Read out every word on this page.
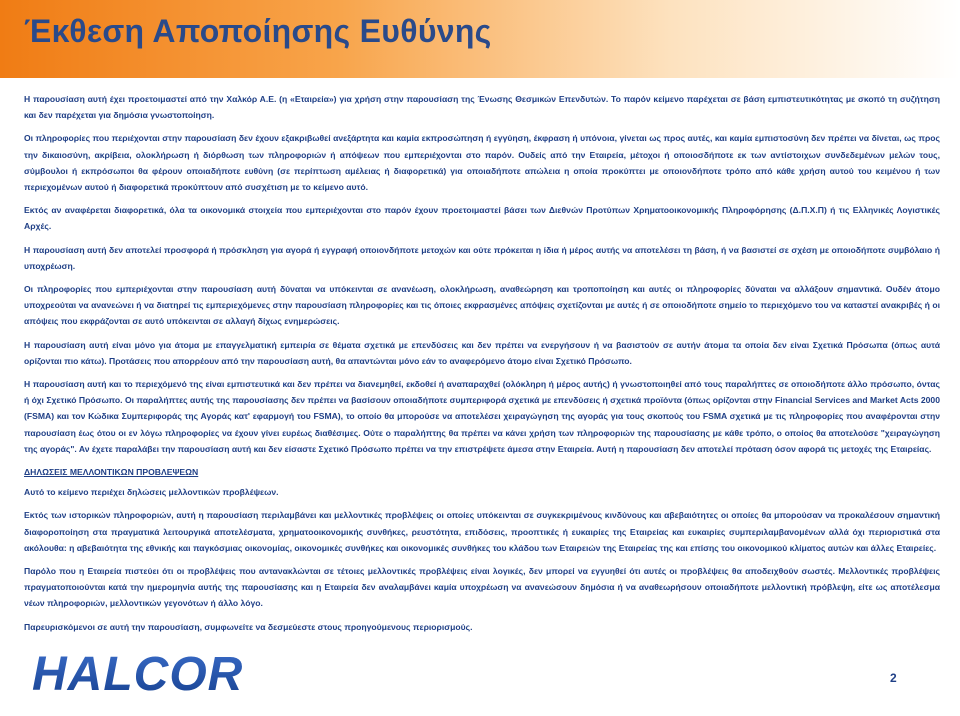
Έκθεση Αποποίησης Ευθύνης

Η παρουσίαση αυτή έχει προετοιμαστεί από την Χαλκόρ Α.Ε. (η «Εταιρεία») για χρήση στην παρουσίαση της Ένωσης Θεσμικών Επενδυτών. Το παρόν κείμενο παρέχεται σε βάση εμπιστευτικότητας με σκοπό τη συζήτηση και δεν παρέχεται για δημόσια γνωστοποίηση.

Οι πληροφορίες που περιέχονται στην παρουσίαση δεν έχουν εξακριβωθεί ανεξάρτητα και καμία εκπροσώπηση ή εγγύηση, έκφραση ή υπόνοια, γίνεται ως προς αυτές, και καμία εμπιστοσύνη δεν πρέπει να δίνεται, ως προς την δικαιοσύνη, ακρίβεια, ολοκλήρωση ή διόρθωση των πληροφοριών ή απόψεων που εμπεριέχονται στο παρόν. Ουδείς από την Εταιρεία, μέτοχοι ή οποιοσδήποτε εκ των αντίστοιχων συνδεδεμένων μελών τους, σύμβουλοι ή εκπρόσωποι θα φέρουν οποιαδήποτε ευθύνη (σε περίπτωση αμέλειας ή διαφορετικά) για οποιαδήποτε απώλεια η οποία προκύπτει με οποιονδήποτε τρόπο από κάθε χρήση αυτού του κειμένου ή των περιεχομένων αυτού ή διαφορετικά προκύπτουν από συσχέτιση με το κείμενο αυτό.

Εκτός αν αναφέρεται διαφορετικά, όλα τα οικονομικά στοιχεία που εμπεριέχονται στο παρόν έχουν προετοιμαστεί βάσει των Διεθνών Προτύπων Χρηματοοικονομικής Πληροφόρησης (Δ.Π.Χ.Π) ή τις Ελληνικές Λογιστικές Αρχές.

Η παρουσίαση αυτή δεν αποτελεί προσφορά ή πρόσκληση για αγορά ή εγγραφή οποιονδήποτε μετοχών και ούτε πρόκειται η ίδια ή μέρος αυτής να αποτελέσει τη βάση, ή να βασιστεί σε σχέση με οποιοδήποτε συμβόλαιο ή υποχρέωση.

Οι πληροφορίες που εμπεριέχονται στην παρουσίαση αυτή δύναται να υπόκεινται σε ανανέωση, ολοκλήρωση, αναθεώρηση και τροποποίηση και αυτές οι πληροφορίες δύναται να αλλάξουν σημαντικά. Ουδέν άτομο υποχρεούται να ανανεώνει ή να διατηρεί τις εμπεριεχόμενες στην παρουσίαση πληροφορίες και τις όποιες εκφρασμένες απόψεις σχετίζονται με αυτές ή σε οποιοδήποτε σημείο το περιεχόμενο του να καταστεί ανακριβές ή οι απόψεις που εκφράζονται σε αυτό υπόκεινται σε αλλαγή δίχως ενημερώσεις.

Η παρουσίαση αυτή είναι μόνο για άτομα με επαγγελματική εμπειρία σε θέματα σχετικά με επενδύσεις και δεν πρέπει να ενεργήσουν ή να βασιστούν σε αυτήν άτομα τα οποία δεν είναι Σχετικά Πρόσωπα (όπως αυτά ορίζονται πιο κάτω). Προτάσεις που απορρέουν από την παρουσίαση αυτή, θα απαντώνται μόνο εάν το αναφερόμενο άτομο είναι Σχετικό Πρόσωπο.

Η παρουσίαση αυτή και το περιεχόμενό της είναι εμπιστευτικά και δεν πρέπει να διανεμηθεί, εκδοθεί ή αναπαραχθεί (ολόκληρη ή μέρος αυτής) ή γνωστοποιηθεί από τους παραλήπτες σε οποιοδήποτε άλλο πρόσωπο, όντας ή όχι Σχετικό Πρόσωπο. Οι παραλήπτες αυτής της παρουσίασης δεν πρέπει να βασίσουν οποιαδήποτε συμπεριφορά σχετικά με επενδύσεις ή σχετικά προϊόντα (όπως ορίζονται στην Financial Services and Market Acts 2000 (FSMA) και τον Κώδικα Συμπεριφοράς της Αγοράς κατ' εφαρμογή του FSMA), το οποίο θα μπορούσε να αποτελέσει χειραγώγηση της αγοράς για τους σκοπούς του FSMA σχετικά με τις πληροφορίες που αναφέρονται στην παρουσίαση έως ότου οι εν λόγω πληροφορίες να έχουν γίνει ευρέως διαθέσιμες. Ούτε ο παραλήπτης θα πρέπει να κάνει χρήση των πληροφοριών της παρουσίασης με κάθε τρόπο, ο οποίος θα αποτελούσε "χειραγώγηση της αγοράς". Αν έχετε παραλάβει την παρουσίαση αυτή και δεν είσαστε Σχετικό Πρόσωπο πρέπει να την επιστρέψετε άμεσα στην Εταιρεία. Αυτή η παρουσίαση δεν αποτελεί πρόταση όσον αφορά τις μετοχές της Εταιρείας.

ΔΗΛΩΣΕΙΣ ΜΕΛΛΟΝΤΙΚΩΝ ΠΡΟΒΛΕΨΕΩΝ

Αυτό το κείμενο περιέχει δηλώσεις μελλοντικών προβλέψεων.

Εκτός των ιστορικών πληροφοριών, αυτή η παρουσίαση περιλαμβάνει και μελλοντικές προβλέψεις οι οποίες υπόκεινται σε συγκεκριμένους κινδύνους και αβεβαιότητες οι οποίες θα μπορούσαν να προκαλέσουν σημαντική διαφοροποίηση στα πραγματικά λειτουργικά αποτελέσματα, χρηματοοικονομικής συνθήκες, ρευστότητα, επιδόσεις, προοπτικές ή ευκαιρίες της Εταιρείας και ευκαιρίες συμπεριλαμβανομένων αλλά όχι περιοριστικά στα ακόλουθα: η αβεβαιότητα της εθνικής και παγκόσμιας οικονομίας, οικονομικές συνθήκες και οικονομικές συνθήκες του κλάδου των Εταιρειών της Εταιρείας της και επίσης του οικονομικού κλίματος αυτών και άλλες Εταιρείες.

Παρόλο που η Εταιρεία πιστεύει ότι οι προβλέψεις που αντανακλώνται σε τέτοιες μελλοντικές προβλέψεις είναι λογικές, δεν μπορεί να εγγυηθεί ότι αυτές οι προβλέψεις θα αποδειχθούν σωστές. Μελλοντικές προβλέψεις πραγματοποιούνται κατά την ημερομηνία αυτής της παρουσίασης και η Εταιρεία δεν αναλαμβάνει καμία υποχρέωση να ανανεώσουν δημόσια ή να αναθεωρήσουν οποιαδήποτε μελλοντική πρόβλεψη, είτε ως αποτέλεσμα νέων πληροφοριών, μελλοντικών γεγονότων ή άλλο λόγο.

Παρευρισκόμενοι σε αυτή την παρουσίαση, συμφωνείτε να δεσμεύεστε στους προηγούμενους περιορισμούς.

HALCOR	2
